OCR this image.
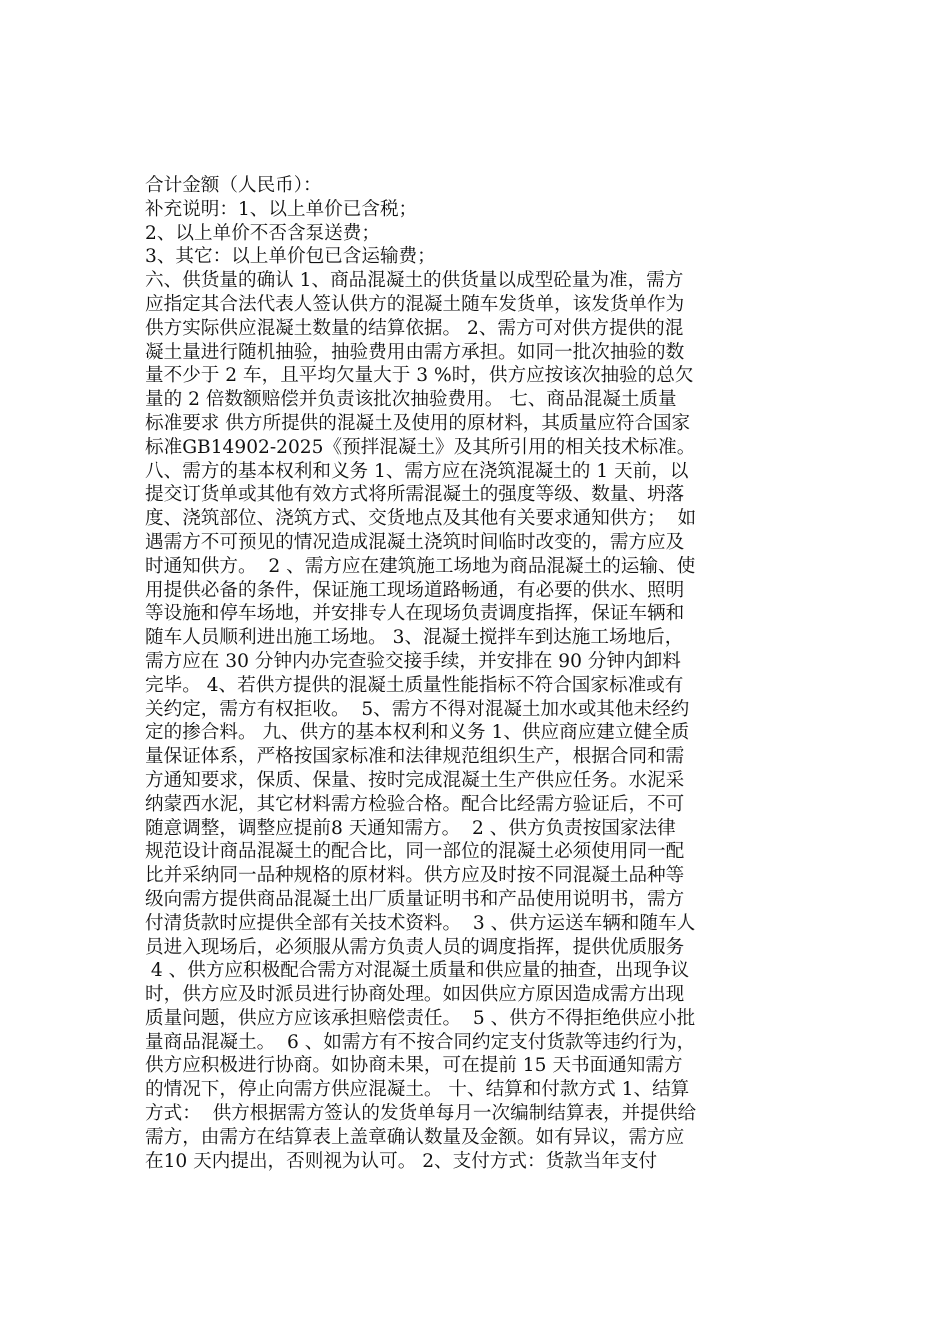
合计金额（人民币）：
补充说明：1、以上单价已含税；
2、以上单价不否含泵送费；
3、其它：以上单价包已含运输费；
六、供货量的确认 1、商品混凝土的供货量以成型砼量为准，需方
应指定其合法代表人签认供方的混凝土随车发货单，该发货单作为
供方实际供应混凝土数量的结算依据。 2、需方可对供方提供的混
凝土量进行随机抽验，抽验费用由需方承担。如同一批次抽验的数
量不少于 2 车，且平均欠量大于 3 %时，供方应按该次抽验的总欠
量的 2 倍数额赔偿并负责该批次抽验费用。 七、商品混凝土质量
标准要求 供方所提供的混凝土及使用的原材料，其质量应符合国家
标准GB14902-2025《预拌混凝土》及其所引用的相关技术标准。
八、需方的基本权利和义务 1、需方应在浇筑混凝土的 1 天前，以
提交订货单或其他有效方式将所需混凝土的强度等级、数量、坍落
度、浇筑部位、浇筑方式、交货地点及其他有关要求通知供方；  如
遇需方不可预见的情况造成混凝土浇筑时间临时改变的，需方应及
时通知供方。  2 、需方应在建筑施工场地为商品混凝土的运输、使
用提供必备的条件，保证施工现场道路畅通，有必要的供水、照明
等设施和停车场地，并安排专人在现场负责调度指挥，保证车辆和
随车人员顺利进出施工场地。 3、混凝土搅拌车到达施工场地后，
需方应在 30 分钟内办完查验交接手续，并安排在 90 分钟内卸料
完毕。 4、若供方提供的混凝土质量性能指标不符合国家标准或有
关约定，需方有权拒收。  5、需方不得对混凝土加水或其他未经约
定的掺合料。 九、供方的基本权利和义务 1、供应商应建立健全质
量保证体系，严格按国家标准和法律规范组织生产，根据合同和需
方通知要求，保质、保量、按时完成混凝土生产供应任务。水泥采
纳蒙西水泥，其它材料需方检验合格。配合比经需方验证后，不可
随意调整，调整应提前8 天通知需方。  2 、供方负责按国家法律
规范设计商品混凝土的配合比，同一部位的混凝土必须使用同一配
比并采纳同一品种规格的原材料。供方应及时按不同混凝土品种等
级向需方提供商品混凝土出厂质量证明书和产品使用说明书，需方
付清货款时应提供全部有关技术资料。  3 、供方运送车辆和随车人
员进入现场后，必须服从需方负责人员的调度指挥，提供优质服务
4 、供方应积极配合需方对混凝土质量和供应量的抽查，出现争议
时，供方应及时派员进行协商处理。如因供应方原因造成需方出现
质量问题，供应方应该承担赔偿责任。  5 、供方不得拒绝供应小批
量商品混凝土。  6 、如需方有不按合同约定支付货款等违约行为，
供方应积极进行协商。如协商未果，可在提前 15 天书面通知需方
的情况下，停止向需方供应混凝土。 十、结算和付款方式 1、结算
方式：  供方根据需方签认的发货单每月一次编制结算表，并提供给
需方，由需方在结算表上盖章确认数量及金额。如有异议，需方应
在10 天内提出，否则视为认可。 2、支付方式：货款当年支付
